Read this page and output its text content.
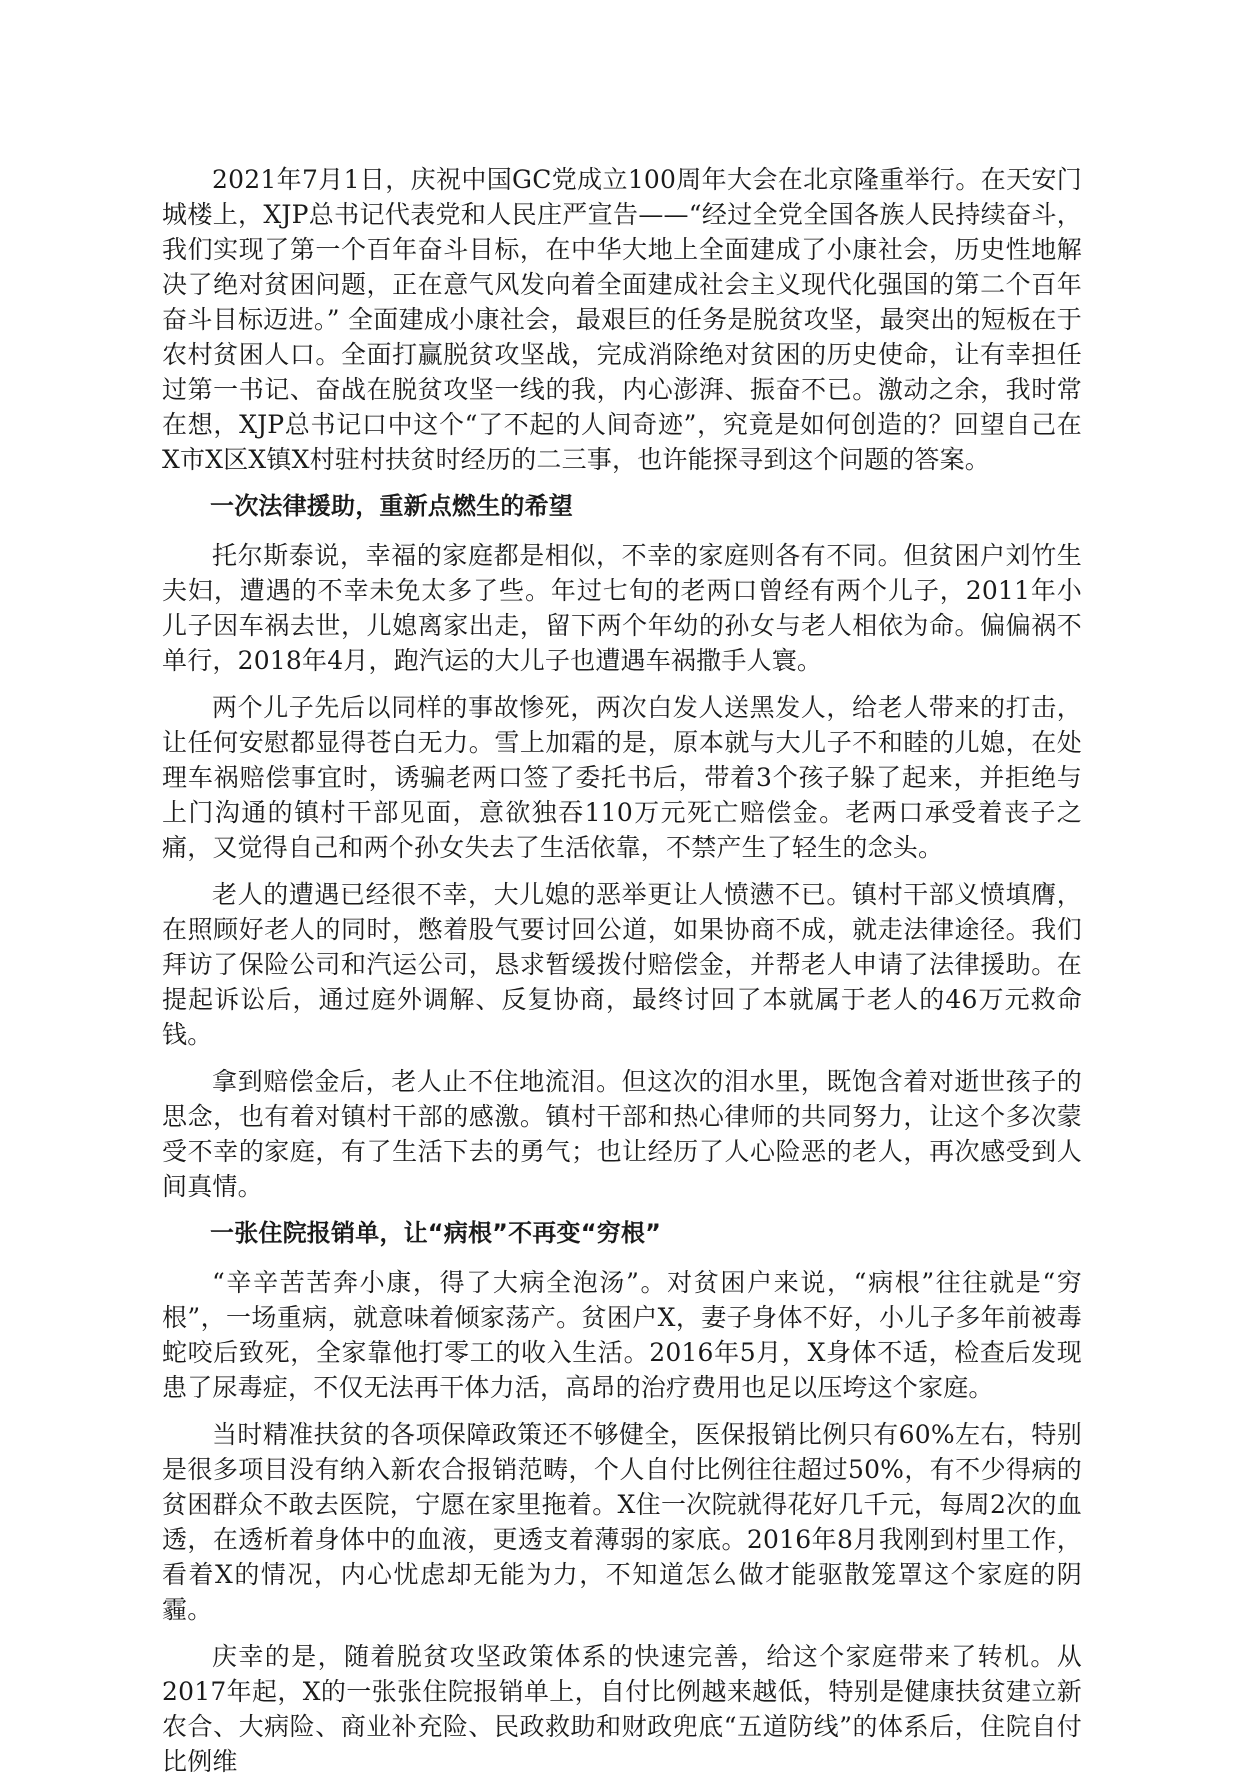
2021年7月1日，庆祝中国GC党成立100周年大会在北京隆重举行。在天安门城楼上，XJP总书记代表党和人民庄严宣告——“经过全党全国各族人民持续奋斗，我们实现了第一个百年奋斗目标，在中华大地上全面建成了小康社会，历史性地解决了绝对贫困问题，正在意气风发向着全面建成社会主义现代化强国的第二个百年奋斗目标迈进。” 全面建成小康社会，最艰巨的任务是脱贫攻坚，最突出的短板在于农村贫困人口。全面打赢脱贫攻坚战，完成消除绝对贫困的历史使命，让有幸担任过第一书记、奋战在脱贫攻坚一线的我，内心澎湃、振奋不已。激动之余，我时常在想，XJP总书记口中这个“了不起的人间奇迹”，究竟是如何创造的？回望自己在X市X区X镇X村驻村扶贫时经历的二三事，也许能探寻到这个问题的答案。

一次法律援助，重新点燃生的希望

托尔斯泰说，幸福的家庭都是相似，不幸的家庭则各有不同。但贫困户刘竹生夫妇，遭遇的不幸未免太多了些。年过七旬的老两口曾经有两个儿子，2011年小儿子因车祸去世，儿媳离家出走，留下两个年幼的孙女与老人相依为命。偏偏祸不单行，2018年4月，跑汽运的大儿子也遭遇车祸撒手人寰。

两个儿子先后以同样的事故惨死，两次白发人送黑发人，给老人带来的打击，让任何安慰都显得苍白无力。雪上加霜的是，原本就与大儿子不和睦的儿媳，在处理车祸赔偿事宜时，诱骗老两口签了委托书后，带着3个孩子躲了起来，并拒绝与上门沟通的镇村干部见面，意欲独吞110万元死亡赔偿金。老两口承受着丧子之痛，又觉得自己和两个孙女失去了生活依靠，不禁产生了轻生的念头。

老人的遭遇已经很不幸，大儿媳的恶举更让人愤懑不已。镇村干部义愤填膺，在照顾好老人的同时，憋着股气要讨回公道，如果协商不成，就走法律途径。我们拜访了保险公司和汽运公司，恳求暂缓拨付赔偿金，并帮老人申请了法律援助。在提起诉讼后，通过庭外调解、反复协商，最终讨回了本就属于老人的46万元救命钱。

拿到赔偿金后，老人止不住地流泪。但这次的泪水里，既饱含着对逝世孩子的思念，也有着对镇村干部的感激。镇村干部和热心律师的共同努力，让这个多次蒙受不幸的家庭，有了生活下去的勇气；也让经历了人心险恶的老人，再次感受到人间真情。

一张住院报销单，让“病根”不再变“穷根”

“辛辛苦苦奔小康，得了大病全泡汤”。对贫困户来说，“病根”往往就是“穷根”，一场重病，就意味着倾家荡产。贫困户X，妻子身体不好，小儿子多年前被毒蛇咬后致死，全家靠他打零工的收入生活。2016年5月，X身体不适，检查后发现患了尿毒症，不仅无法再干体力活，高昂的治疗费用也足以压垮这个家庭。

当时精准扶贫的各项保障政策还不够健全，医保报销比例只有60%左右，特别是很多项目没有纳入新农合报销范畴，个人自付比例往往超过50%，有不少得病的贫困群众不敢去医院，宁愿在家里拖着。X住一次院就得花好几千元，每周2次的血透，在透析着身体中的血液，更透支着薄弱的家底。2016年8月我刚到村里工作，看着X的情况，内心忧虑却无能为力，不知道怎么做才能驱散笼罩这个家庭的阴霾。

庆幸的是，随着脱贫攻坚政策体系的快速完善，给这个家庭带来了转机。从2017年起，X的一张张住院报销单上，自付比例越来越低，特别是健康扶贫建立新农合、大病险、商业补充险、民政救助和财政兜底“五道防线”的体系后，住院自付比例维
